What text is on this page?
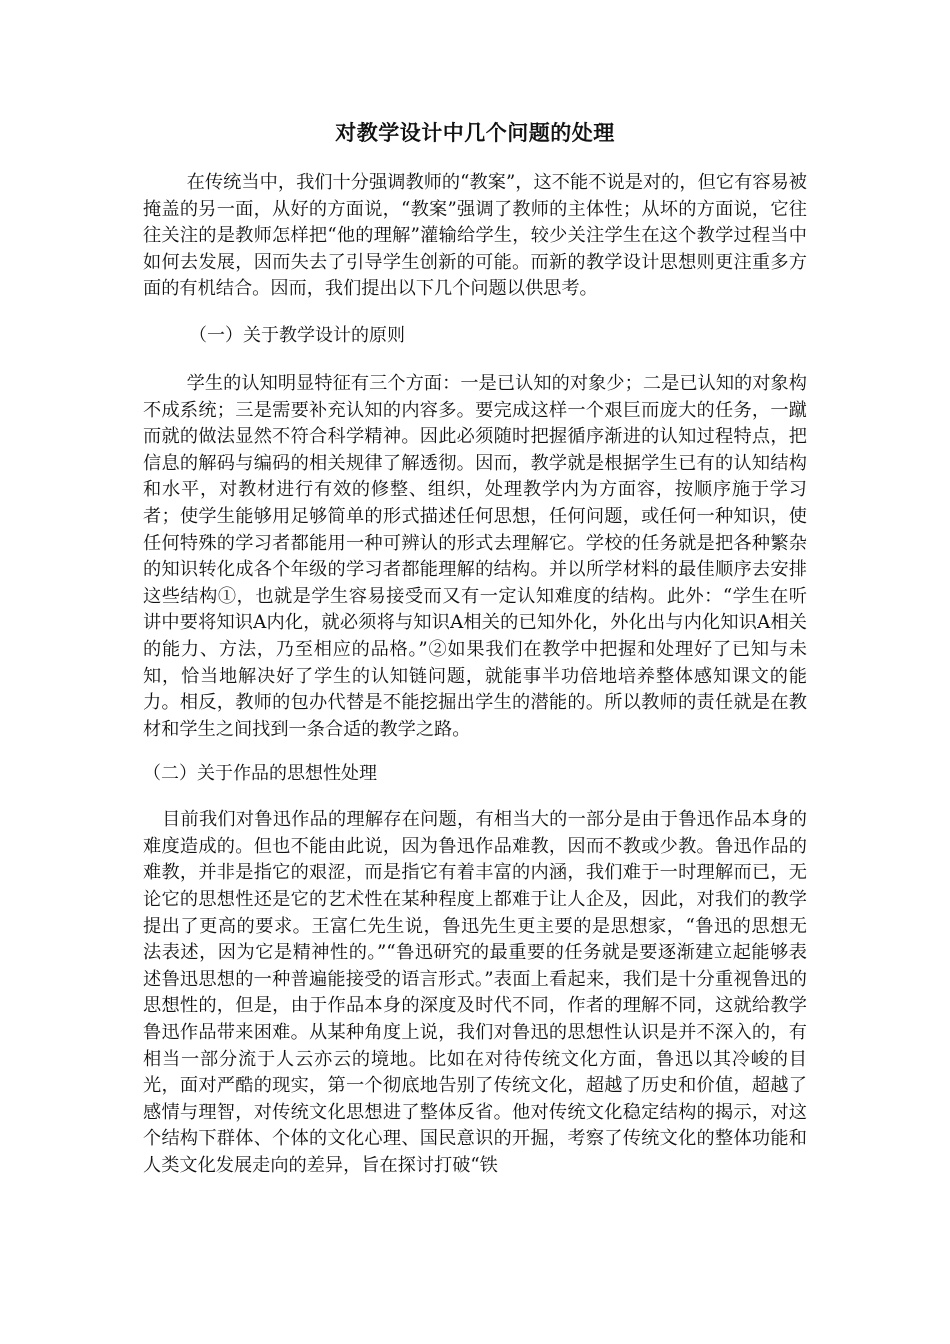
对教学设计中几个问题的处理

在传统当中，我们十分强调教师的“教案”，这不能不说是对的，但它有容易被掩盖的另一面，从好的方面说，“教案”强调了教师的主体性；从坏的方面说，它往往关注的是教师怎样把“他的理解”灌输给学生，较少关注学生在这个教学过程当中如何去发展，因而失去了引导学生创新的可能。而新的教学设计思想则更注重多方面的有机结合。因而，我们提出以下几个问题以供思考。

（一）关于教学设计的原则

学生的认知明显特征有三个方面：一是已认知的对象少；二是已认知的对象构不成系统；三是需要补充认知的内容多。要完成这样一个艰巨而庞大的任务，一蹴而就的做法显然不符合科学精神。因此必须随时把握循序渐进的认知过程特点，把信息的解码与编码的相关规律了解透彻。因而，教学就是根据学生已有的认知结构和水平，对教材进行有效的修整、组织，处理教学内为方面容，按顺序施于学习者；使学生能够用足够简单的形式描述任何思想，任何问题，或任何一种知识，使任何特殊的学习者都能用一种可辨认的形式去理解它。学校的任务就是把各种繁杂的知识转化成各个年级的学习者都能理解的结构。并以所学材料的最佳顺序去安排这些结构①，也就是学生容易接受而又有一定认知难度的结构。此外：“学生在听讲中要将知识A内化，就必须将与知识A相关的已知外化，外化出与内化知识A相关的能力、方法，乃至相应的品格。”②如果我们在教学中把握和处理好了已知与未知，恰当地解决好了学生的认知链问题，就能事半功倍地培养整体感知课文的能力。相反，教师的包办代替是不能挖掘出学生的潜能的。所以教师的责任就是在教材和学生之间找到一条合适的教学之路。

（二）关于作品的思想性处理

目前我们对鲁迅作品的理解存在问题，有相当大的一部分是由于鲁迅作品本身的难度造成的。但也不能由此说，因为鲁迅作品难教，因而不教或少教。鲁迅作品的难教，并非是指它的艰涩，而是指它有着丰富的内涵，我们难于一时理解而已，无论它的思想性还是它的艺术性在某种程度上都难于让人企及，因此，对我们的教学提出了更高的要求。王富仁先生说，鲁迅先生更主要的是思想家，“鲁迅的思想无法表述，因为它是精神性的。”“鲁迅研究的最重要的任务就是要逐渐建立起能够表述鲁迅思想的一种普遍能接受的语言形式。”表面上看起来，我们是十分重视鲁迅的思想性的，但是，由于作品本身的深度及时代不同，作者的理解不同，这就给教学鲁迅作品带来困难。从某种角度上说，我们对鲁迅的思想性认识是并不深入的，有相当一部分流于人云亦云的境地。比如在对待传统文化方面，鲁迅以其冷峻的目光，面对严酷的现实，第一个彻底地告别了传统文化，超越了历史和价值，超越了感情与理智，对传统文化思想进了整体反省。他对传统文化稳定结构的揭示，对这个结构下群体、个体的文化心理、国民意识的开掘，考察了传统文化的整体功能和人类文化发展走向的差异，旨在探讨打破“铁
